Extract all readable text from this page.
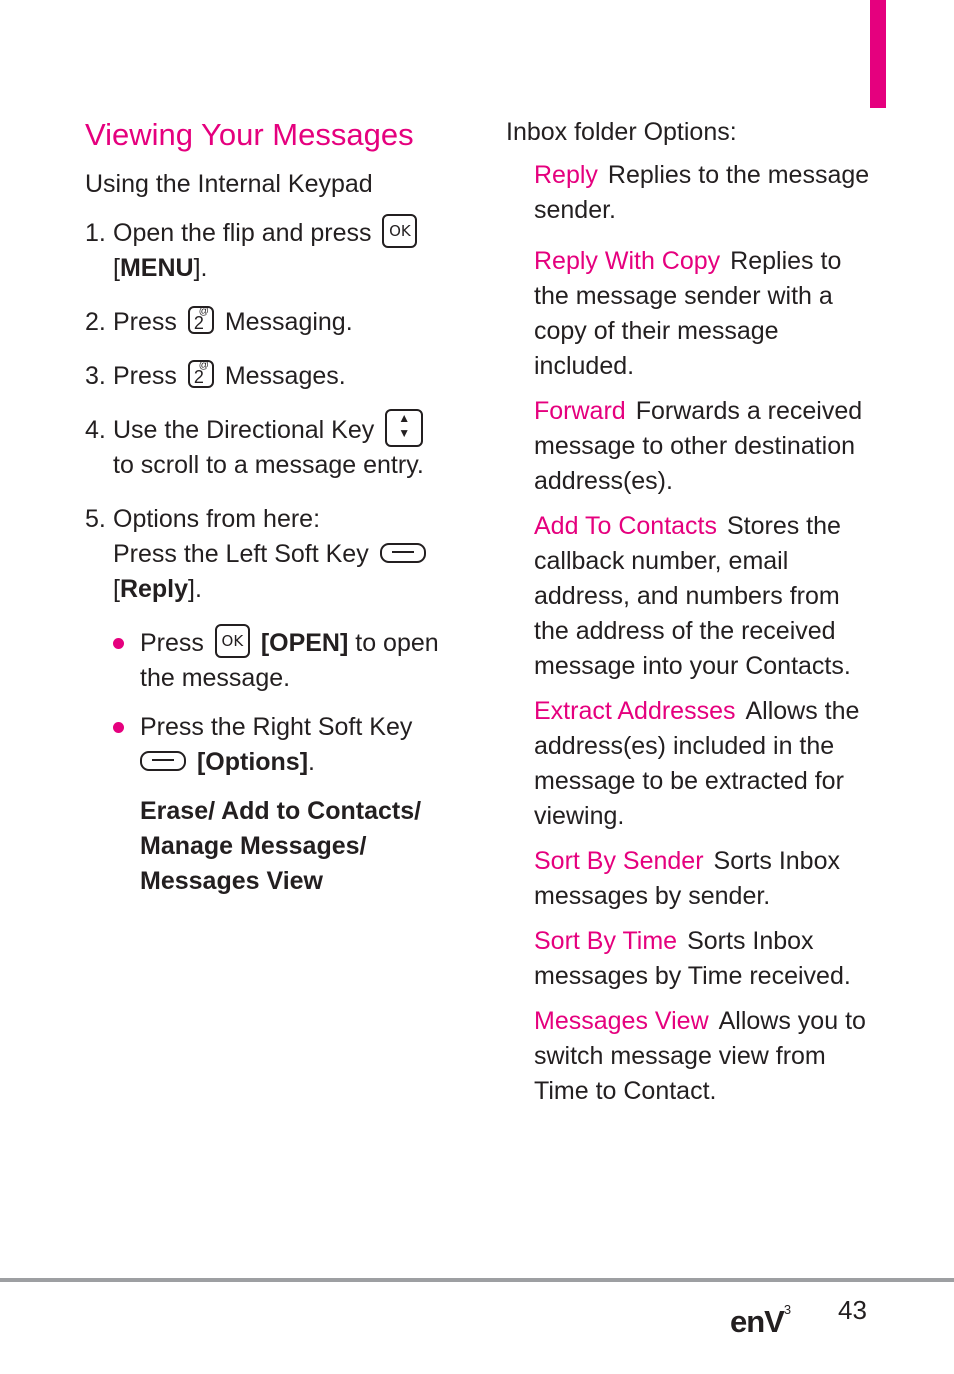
Viewing Your Messages

Using the Internal Keypad

1. Open the flip and press OK
[MENU].
2. Press 2
@ Messaging.
3. Press 2
@ Messages.
4. Use the Directional Key ▲
▼
to scroll to a message entry.
5. Options from here:
Press the Left Soft Key
[Reply].
Press OK [OPEN] to open the message.
Press the Right Soft Key
[Options].
Erase/ Add to Contacts/
Manage Messages/
Messages View

Inbox folder Options:

Reply Replies to the message sender.
Reply With Copy Replies to the message sender with a copy of their message included.
Forward Forwards a received message to other destination address(es).
Add To Contacts Stores the callback number, email address, and numbers from the address of the received message into your Contacts.
Extract Addresses Allows the address(es) included in the message to be extracted for viewing.
Sort By Sender Sorts Inbox messages by sender.
Sort By Time Sorts Inbox messages by Time received.
Messages View Allows you to switch message view from Time to Contact.
enV$^3$ 43
